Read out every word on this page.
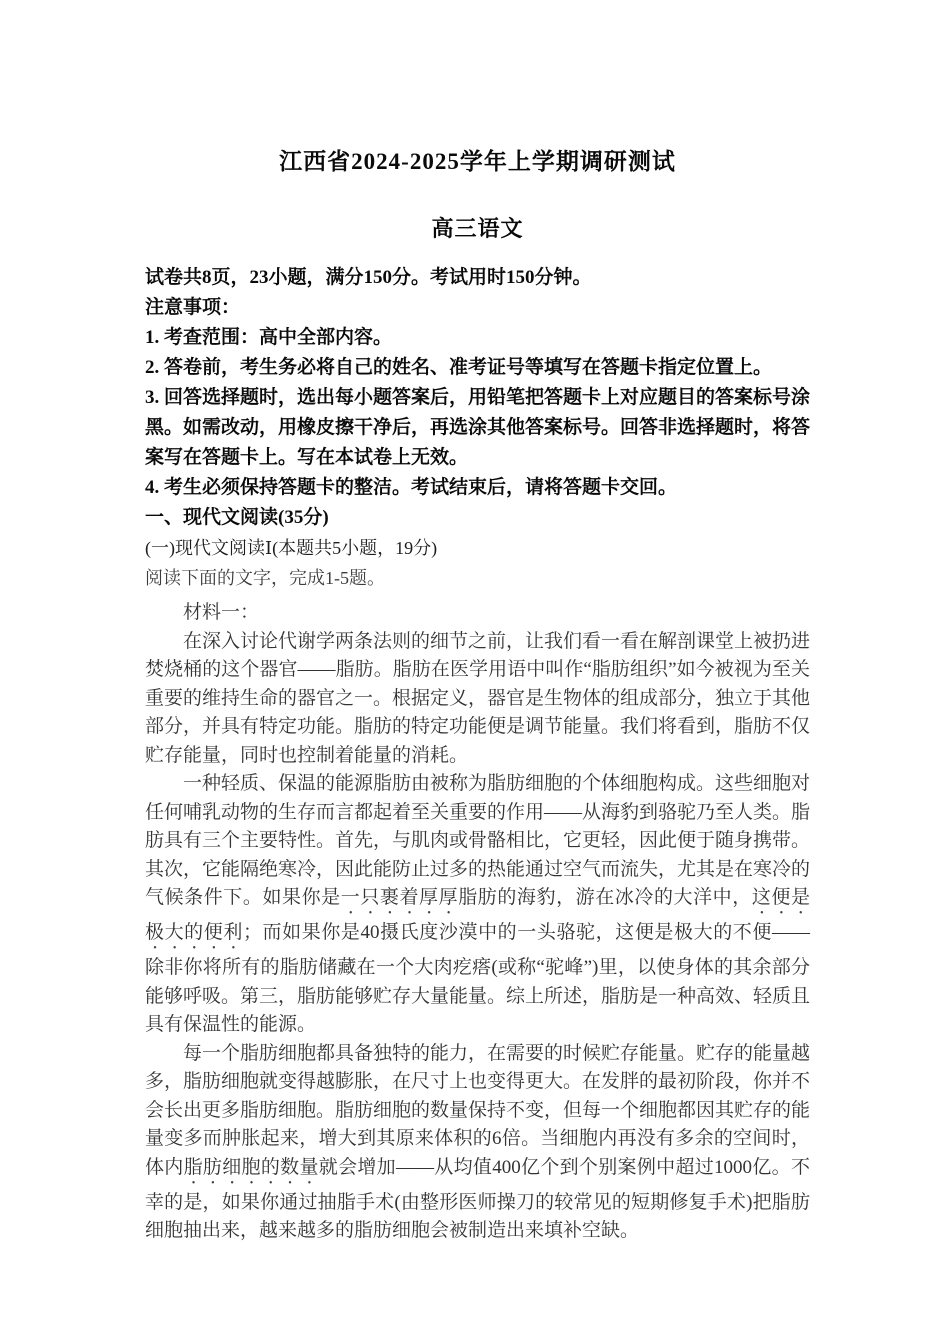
江西省2024-2025学年上学期调研测试
高三语文

试卷共8页，23小题，满分150分。考试用时150分钟。

注意事项：

1. 考查范围：高中全部内容。

2. 答卷前，考生务必将自己的姓名、准考证号等填写在答题卡指定位置上。

3. 回答选择题时，选出每小题答案后，用铅笔把答题卡上对应题目的答案标号涂黑。如需改动，用橡皮擦干净后，再选涂其他答案标号。回答非选择题时，将答案写在答题卡上。写在本试卷上无效。

4. 考生必须保持答题卡的整洁。考试结束后，请将答题卡交回。

一、现代文阅读(35分)

(一)现代文阅读Ⅰ(本题共5小题，19分)

阅读下面的文字，完成1-5题。

材料一：

在深入讨论代谢学两条法则的细节之前，让我们看一看在解剖课堂上被扔进焚烧桶的这个器官——脂肪。脂肪在医学用语中叫作“脂肪组织”如今被视为至关重要的维持生命的器官之一。根据定义，器官是生物体的组成部分，独立于其他部分，并具有特定功能。脂肪的特定功能便是调节能量。我们将看到，脂肪不仅贮存能量，同时也控制着能量的消耗。

一种轻质、保温的能源脂肪由被称为脂肪细胞的个体细胞构成。这些细胞对任何哺乳动物的生存而言都起着至关重要的作用——从海豹到骆驼乃至人类。脂肪具有三个主要特性。首先，与肌肉或骨骼相比，它更轻，因此便于随身携带。其次，它能隔绝寒冷，因此能防止过多的热能通过空气而流失，尤其是在寒冷的气候条件下。如果你是一只裹着厚厚脂肪的海豹，游在冰冷的大洋中，这便是极大的便利；而如果你是40摄氏度沙漠中的一头骆驼，这便是极大的不便——除非你将所有的脂肪储藏在一个大肉疙瘩(或称“驼峰”)里，以使身体的其余部分能够呼吸。第三，脂肪能够贮存大量能量。综上所述，脂肪是一种高效、轻质且具有保温性的能源。

每一个脂肪细胞都具备独特的能力，在需要的时候贮存能量。贮存的能量越多，脂肪细胞就变得越膨胀，在尺寸上也变得更大。在发胖的最初阶段，你并不会长出更多脂肪细胞。脂肪细胞的数量保持不变，但每一个细胞都因其贮存的能量变多而肿胀起来，增大到其原来体积的6倍。当细胞内再没有多余的空间时，体内脂肪细胞的数量就会增加——从均值400亿个到个别案例中超过1000亿。不幸的是，如果你通过抽脂手术(由整形医师操刀的较常见的短期修复手术)把脂肪细胞抽出来，越来越多的脂肪细胞会被制造出来填补空缺。
